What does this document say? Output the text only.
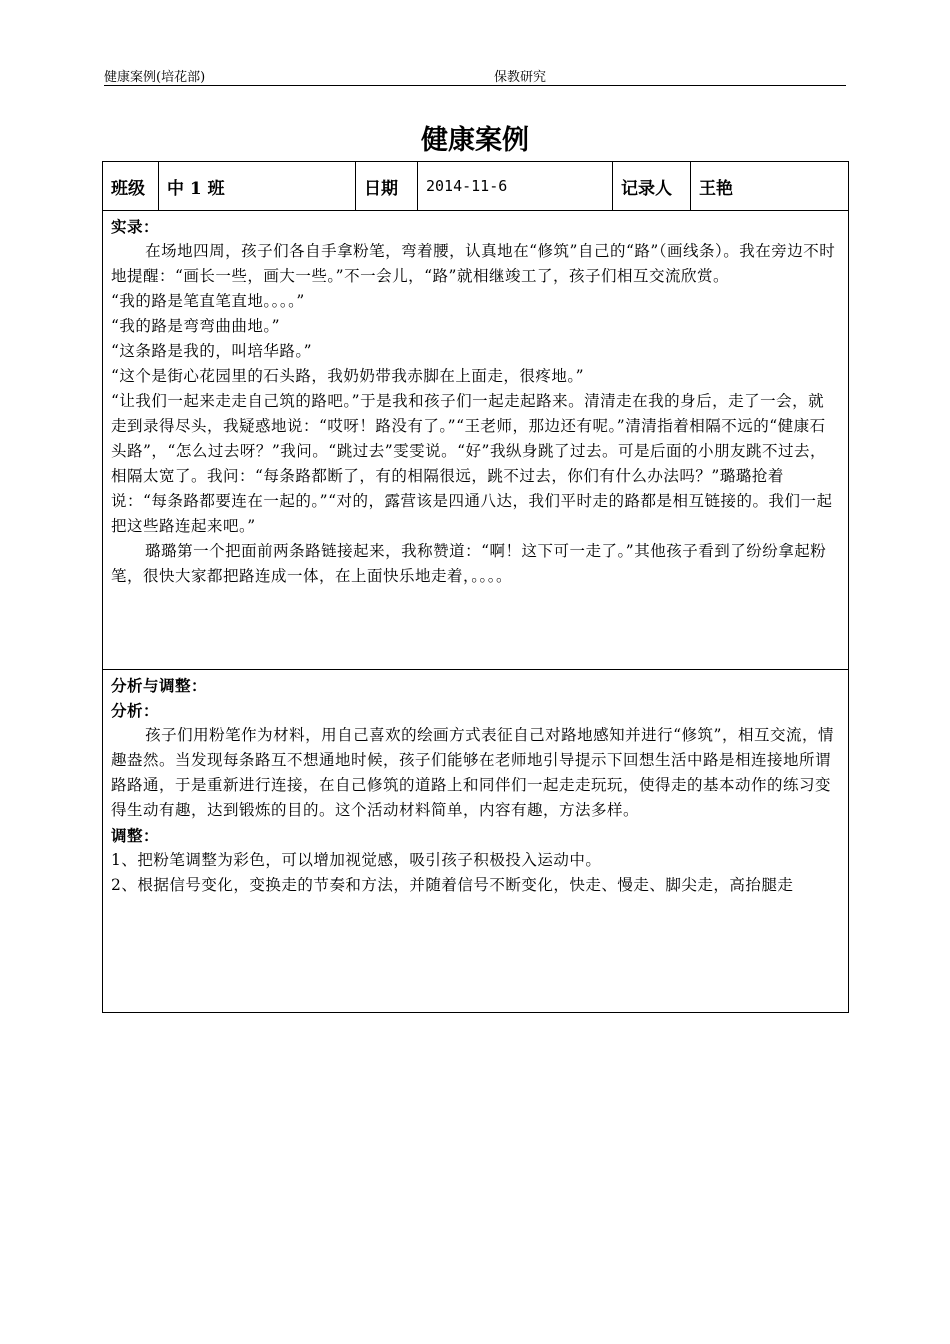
健康案例(培花部)	保教研究
健康案例
班级	中 1 班	日期	2014-11-6	记录人	王艳

实录：

在场地四周，孩子们各自手拿粉笔，弯着腰，认真地在“修筑”自己的“路”（画线条）。我在旁边不时地提醒：“画长一些，画大一些。”不一会儿，“路”就相继竣工了，孩子们相互交流欣赏。

“我的路是笔直笔直地。。。。”

“我的路是弯弯曲曲地。”

“这条路是我的，叫培华路。”

“这个是街心花园里的石头路，我奶奶带我赤脚在上面走，很疼地。”

“让我们一起来走走自己筑的路吧。”于是我和孩子们一起走起路来。清清走在我的身后，走了一会，就走到录得尽头，我疑惑地说：“哎呀！路没有了。”“王老师，那边还有呢。”清清指着相隔不远的“健康石头路”，“怎么过去呀？”我问。“跳过去”雯雯说。“好”我纵身跳了过去。可是后面的小朋友跳不过去，相隔太宽了。我问：“每条路都断了，有的相隔很远，跳不过去，你们有什么办法吗？”璐璐抢着说：“每条路都要连在一起的。”“对的，露营该是四通八达，我们平时走的路都是相互链接的。我们一起把这些路连起来吧。”

璐璐第一个把面前两条路链接起来，我称赞道：“啊！这下可一走了。”其他孩子看到了纷纷拿起粉笔，很快大家都把路连成一体，在上面快乐地走着，。。。。

分析与调整：

分析：

孩子们用粉笔作为材料，用自己喜欢的绘画方式表征自己对路地感知并进行“修筑”，相互交流，情趣盎然。当发现每条路互不想通地时候，孩子们能够在老师地引导提示下回想生活中路是相连接地所谓路路通，于是重新进行连接，在自己修筑的道路上和同伴们一起走走玩玩，使得走的基本动作的练习变得生动有趣，达到锻炼的目的。这个活动材料简单，内容有趣，方法多样。

调整：

1、把粉笔调整为彩色，可以增加视觉感，吸引孩子积极投入运动中。

2、根据信号变化，变换走的节奏和方法，并随着信号不断变化，快走、慢走、脚尖走，高抬腿走
